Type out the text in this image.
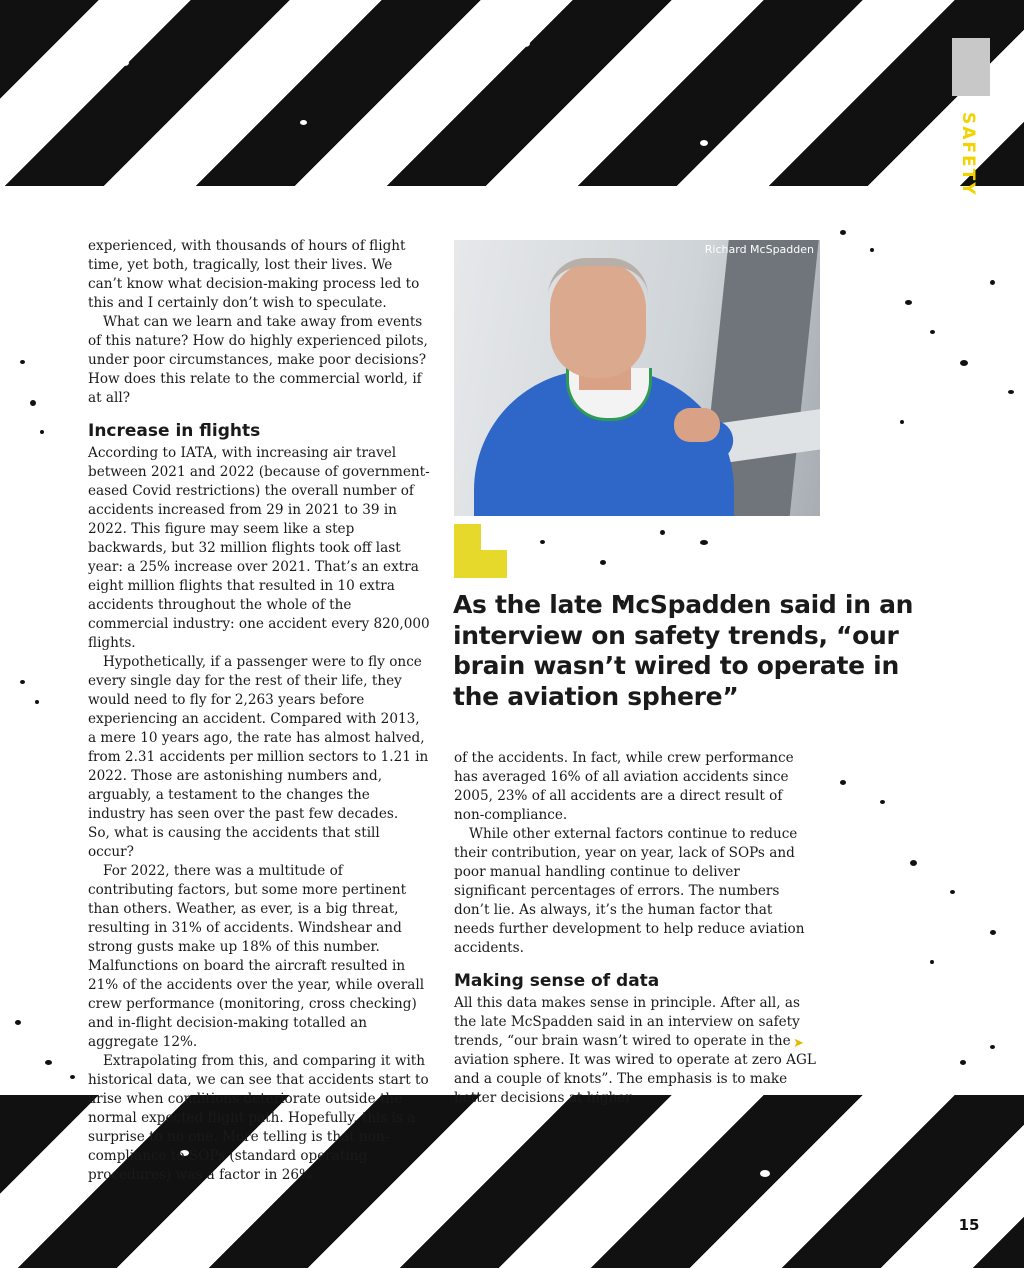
SAFETY

experienced, with thousands of hours of flight time, yet both, tragically, lost their lives. We can’t know what decision-making process led to this and I certainly don’t wish to speculate.

What can we learn and take away from events of this nature? How do highly experienced pilots, under poor circumstances, make poor decisions? How does this relate to the commercial world, if at all?

Increase in flights

According to IATA, with increasing air travel between 2021 and 2022 (because of government-eased Covid restrictions) the overall number of accidents increased from 29 in 2021 to 39 in 2022. This figure may seem like a step backwards, but 32 million flights took off last year: a 25% increase over 2021. That’s an extra eight million flights that resulted in 10 extra accidents throughout the whole of the commercial industry: one accident every 820,000 flights.

Hypothetically, if a passenger were to fly once every single day for the rest of their life, they would need to fly for 2,263 years before experiencing an accident. Compared with 2013, a mere 10 years ago, the rate has almost halved, from 2.31 accidents per million sectors to 1.21 in 2022. Those are astonishing numbers and, arguably, a testament to the changes the industry has seen over the past few decades.

So, what is causing the accidents that still occur?

For 2022, there was a multitude of contributing factors, but some more pertinent than others. Weather, as ever, is a big threat, resulting in 31% of accidents. Windshear and strong gusts make up 18% of this number. Malfunctions on board the aircraft resulted in 21% of the accidents over the year, while overall crew performance (monitoring, cross checking) and in-flight decision-making totalled an aggregate 12%.

Extrapolating from this, and comparing it with historical data, we can see that accidents start to arise when conditions deteriorate outside the normal expected flight path. Hopefully, this is a surprise to no one. More telling is that non-compliance to SOPs (standard operating procedures) was a factor in 26%

Richard McSpadden

As the late McSpadden said in an interview on safety trends, “our brain wasn’t wired to operate in the aviation sphere”

of the accidents. In fact, while crew performance has averaged 16% of all aviation accidents since 2005, 23% of all accidents are a direct result of non-compliance.

While other external factors continue to reduce their contribution, year on year, lack of SOPs and poor manual handling continue to deliver significant percentages of errors. The numbers don’t lie. As always, it’s the human factor that needs further development to help reduce aviation accidents.

Making sense of data

All this data makes sense in principle. After all, as the late McSpadden said in an interview on safety trends, “our brain wasn’t wired to operate in the aviation sphere. It was wired to operate at zero AGL and a couple of knots”. The emphasis is to make better decisions at higher

➤
15
